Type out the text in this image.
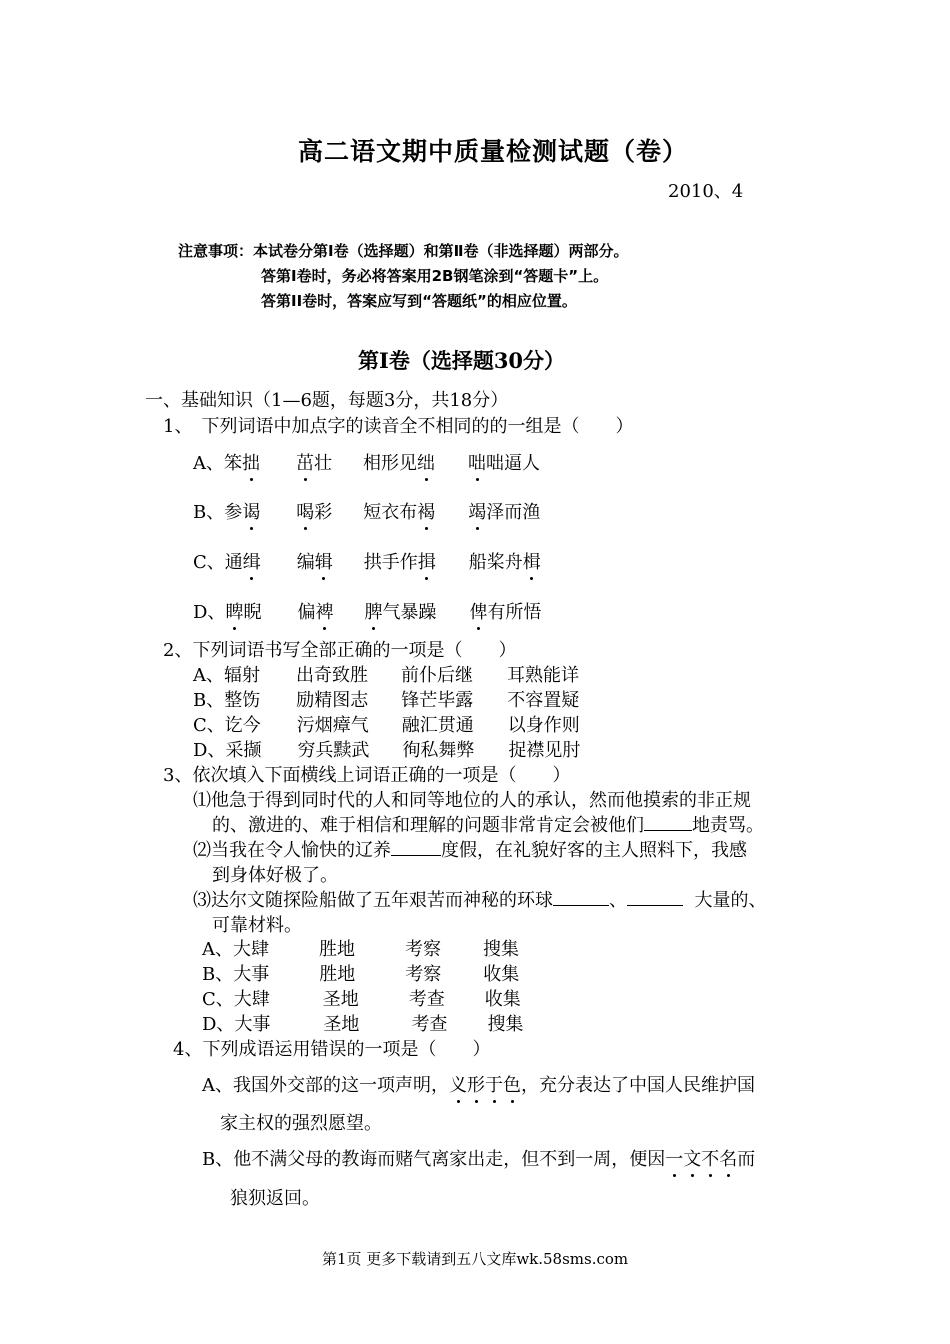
高二语文期中质量检测试题（卷）
2010、4
注意事项：本试卷分第Ⅰ卷（选择题）和第Ⅱ卷（非选择题）两部分。
答第Ⅰ卷时，务必将答案用2B钢笔涂到“答题卡”上。
答第ⅠI卷时，答案应写到“答题纸”的相应位置。
第Ⅰ卷（选择题30分）
一、基础知识（1—6题，每题3分，共18分）
1、　下列词语中加点字的读音全不相同的的一组是（　　）
A、笨拙 茁壮 相形见绌 咄咄逼人
B、参谒 喝彩 短衣布褐 竭泽而渔
C、通缉 编辑 拱手作揖 船桨舟楫
D、睥睨 偏裨 脾气暴躁 俾有所悟
2、下列词语书写全部正确的一项是（　　）
A、辐射 出奇致胜 前仆后继 耳熟能详
B、整饬 励精图志 锋芒毕露 不容置疑
C、讫今 污烟瘴气 融汇贯通 以身作则
D、采撷 穷兵黩武 徇私舞弊 捉襟见肘
3、依次填入下面横线上词语正确的一项是（　　）
⑴他急于得到同时代的人和同等地位的人的承认，然而他摸索的非正规
的、激进的、难于相信和理解的问题非常肯定会被他们	地责骂。
⑵当我在令人愉快的辽养	度假，在礼貌好客的主人照料下，我感
到身体好极了。
⑶达尔文随探险船做了五年艰苦而神秘的环球	、	大量的、
可靠材料。
A、大肆	胜地	考察 搜集
B、大事	胜地	考察 收集
C、大肆	圣地	考查 收集
D、大事	圣地	考查 搜集
4、下列成语运用错误的一项是（　　）
A、我国外交部的这一项声明，义形于色，充分表达了中国人民维护国
家主权的强烈愿望。
B、他不满父母的教诲而赌气离家出走，但不到一周，便因一文不名而
狼狈返回。
第1页 更多下载请到五八文库wk.58sms.com
